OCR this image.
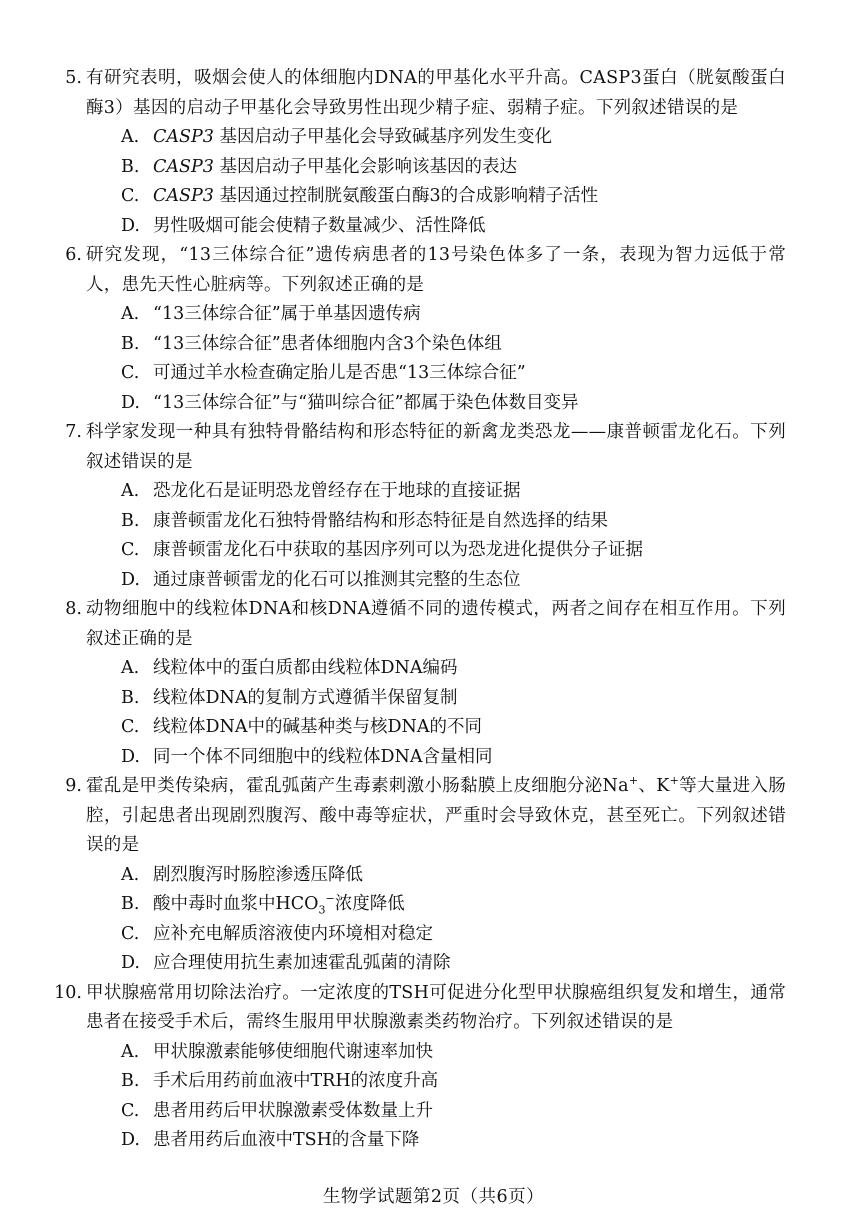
5. 有研究表明，吸烟会使人的体细胞内DNA的甲基化水平升高。CASP3蛋白（胱氨酸蛋白酶3）基因的启动子甲基化会导致男性出现少精子症、弱精子症。下列叙述错误的是
A. CASP3 基因启动子甲基化会导致碱基序列发生变化
B. CASP3 基因启动子甲基化会影响该基因的表达
C. CASP3 基因通过控制胱氨酸蛋白酶3的合成影响精子活性
D. 男性吸烟可能会使精子数量减少、活性降低
6. 研究发现，“13三体综合征”遗传病患者的13号染色体多了一条，表现为智力远低于常人，患先天性心脏病等。下列叙述正确的是
A. “13三体综合征”属于单基因遗传病
B. “13三体综合征”患者体细胞内含3个染色体组
C. 可通过羊水检查确定胎儿是否患“13三体综合征”
D. “13三体综合征”与“猫叫综合征”都属于染色体数目变异
7. 科学家发现一种具有独特骨骼结构和形态特征的新禽龙类恐龙——康普顿雷龙化石。下列叙述错误的是
A. 恐龙化石是证明恐龙曾经存在于地球的直接证据
B. 康普顿雷龙化石独特骨骼结构和形态特征是自然选择的结果
C. 康普顿雷龙化石中获取的基因序列可以为恐龙进化提供分子证据
D. 通过康普顿雷龙的化石可以推测其完整的生态位
8. 动物细胞中的线粒体DNA和核DNA遵循不同的遗传模式，两者之间存在相互作用。下列叙述正确的是
A. 线粒体中的蛋白质都由线粒体DNA编码
B. 线粒体DNA的复制方式遵循半保留复制
C. 线粒体DNA中的碱基种类与核DNA的不同
D. 同一个体不同细胞中的线粒体DNA含量相同
9. 霍乱是甲类传染病，霍乱弧菌产生毒素刺激小肠黏膜上皮细胞分泌Na+、K+等大量进入肠腔，引起患者出现剧烈腹泻、酸中毒等症状，严重时会导致休克，甚至死亡。下列叙述错误的是
A. 剧烈腹泻时肠腔渗透压降低
B. 酸中毒时血浆中$HCO_3^-$浓度降低
C. 应补充电解质溶液使内环境相对稳定
D. 应合理使用抗生素加速霍乱弧菌的清除
10. 甲状腺癌常用切除法治疗。一定浓度的TSH可促进分化型甲状腺癌组织复发和增生，通常患者在接受手术后，需终生服用甲状腺激素类药物治疗。下列叙述错误的是
A. 甲状腺激素能够使细胞代谢速率加快
B. 手术后用药前血液中TRH的浓度升高
C. 患者用药后甲状腺激素受体数量上升
D. 患者用药后血液中TSH的含量下降
生物学试题第2页（共6页）
